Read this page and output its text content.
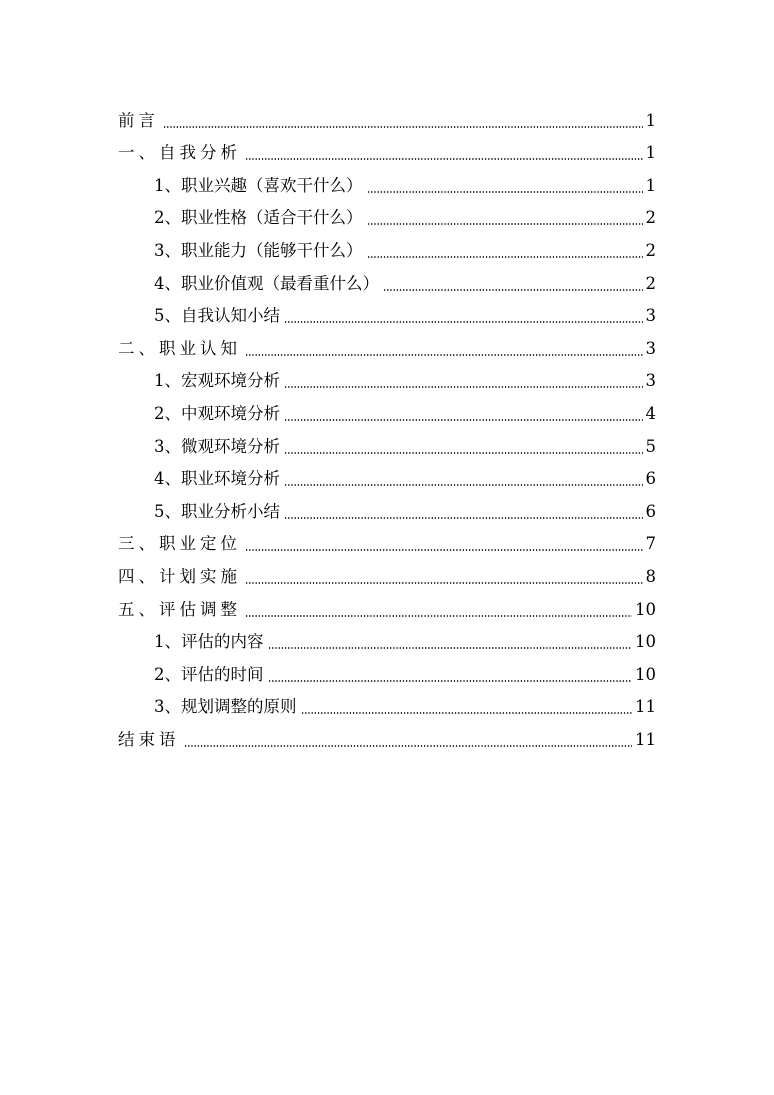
前言	1
一、自我分析	1
1、职业兴趣（喜欢干什么）	1
2、职业性格（适合干什么）	2
3、职业能力（能够干什么）	2
4、职业价值观（最看重什么）	2
5、自我认知小结	3
二、职业认知	3
1、宏观环境分析	3
2、中观环境分析	4
3、微观环境分析	5
4、职业环境分析	6
5、职业分析小结	6
三、职业定位	7
四、计划实施	8
五、评估调整	10
1、评估的内容	10
2、评估的时间	10
3、规划调整的原则	11
结束语	11
